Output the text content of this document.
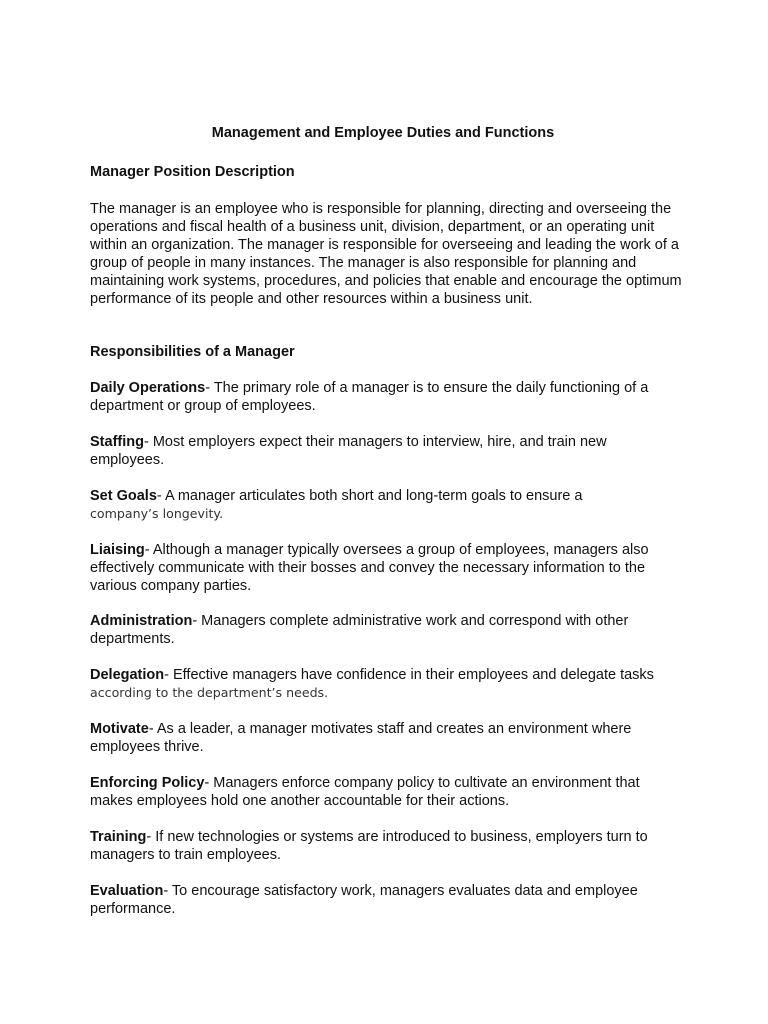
Management and Employee Duties and Functions
Manager Position Description

The manager is an employee who is responsible for planning, directing and overseeing the operations and fiscal health of a business unit, division, department, or an operating unit within an organization. The manager is responsible for overseeing and leading the work of a group of people in many instances. The manager is also responsible for planning and maintaining work systems, procedures, and policies that enable and encourage the optimum performance of its people and other resources within a business unit.

Responsibilities of a Manager

Daily Operations- The primary role of a manager is to ensure the daily functioning of a department or group of employees.

Staffing- Most employers expect their managers to interview, hire, and train new employees.

Set Goals- A manager articulates both short and long-term goals to ensure a
company’s longevity.

Liaising- Although a manager typically oversees a group of employees, managers also effectively communicate with their bosses and convey the necessary information to the various company parties.

Administration- Managers complete administrative work and correspond with other departments.

Delegation- Effective managers have confidence in their employees and delegate tasks
according to the department’s needs.

Motivate- As a leader, a manager motivates staff and creates an environment where employees thrive.

Enforcing Policy- Managers enforce company policy to cultivate an environment that makes employees hold one another accountable for their actions.

Training- If new technologies or systems are introduced to business, employers turn to managers to train employees.

Evaluation- To encourage satisfactory work, managers evaluates data and employee performance.
